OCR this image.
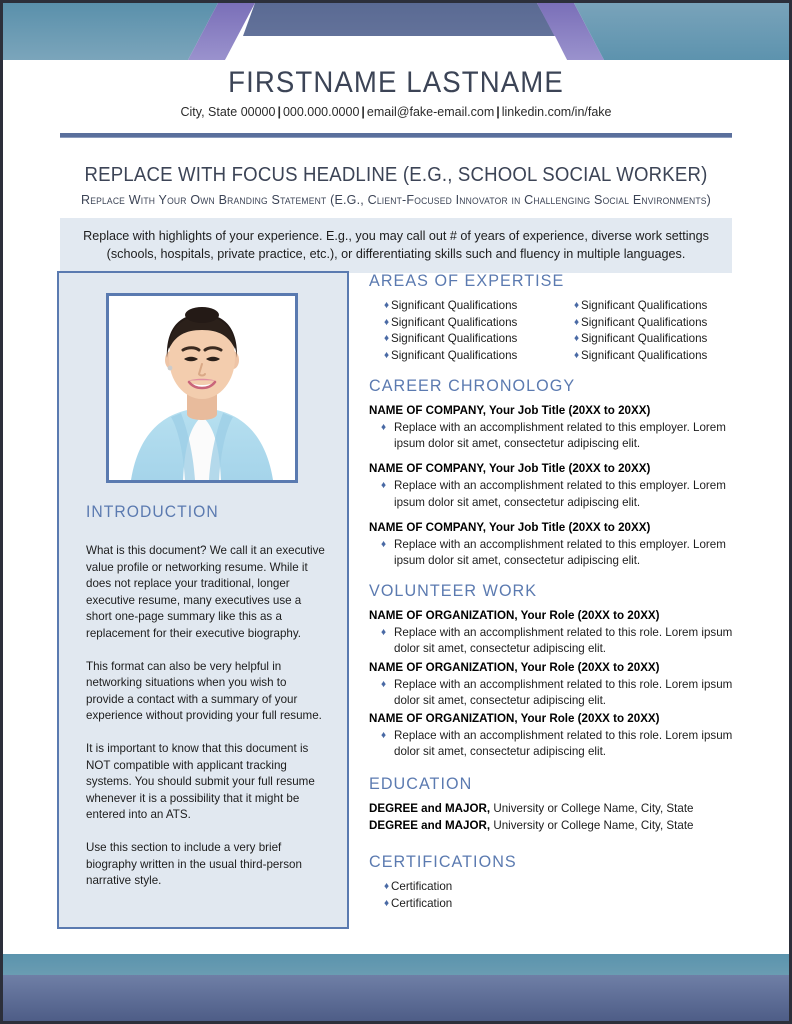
FIRSTNAME LASTNAME
City, State 00000 | 000.000.0000 | email@fake-email.com | linkedin.com/in/fake
REPLACE WITH FOCUS HEADLINE (E.G., SCHOOL SOCIAL WORKER)
Replace With Your Own Branding Statement (E.G., Client-Focused Innovator in Challenging Social Environments)
Replace with highlights of your experience. E.g., you may call out # of years of experience, diverse work settings (schools, hospitals, private practice, etc.), or differentiating skills such and fluency in multiple languages.
INTRODUCTION

What is this document? We call it an executive value profile or networking resume. While it does not replace your traditional, longer executive resume, many executives use a short one-page summary like this as a replacement for their executive biography.

This format can also be very helpful in networking situations when you wish to provide a contact with a summary of your experience without providing your full resume.

It is important to know that this document is NOT compatible with applicant tracking systems. You should submit your full resume whenever it is a possibility that it might be entered into an ATS.

Use this section to include a very brief biography written in the usual third-person narrative style.

AREAS OF EXPERTISE
♦ Significant Qualifications	♦ Significant Qualifications
♦ Significant Qualifications	♦ Significant Qualifications
♦ Significant Qualifications	♦ Significant Qualifications
♦ Significant Qualifications	♦ Significant Qualifications
CAREER CHRONOLOGY
NAME OF COMPANY, Your Job Title (20XX to 20XX)
♦ Replace with an accomplishment related to this employer. Lorem ipsum dolor sit amet, consectetur adipiscing elit.
NAME OF COMPANY, Your Job Title (20XX to 20XX)
♦ Replace with an accomplishment related to this employer. Lorem ipsum dolor sit amet, consectetur adipiscing elit.
NAME OF COMPANY, Your Job Title (20XX to 20XX)
♦ Replace with an accomplishment related to this employer. Lorem ipsum dolor sit amet, consectetur adipiscing elit.
VOLUNTEER WORK
NAME OF ORGANIZATION, Your Role (20XX to 20XX)
♦ Replace with an accomplishment related to this role. Lorem ipsum dolor sit amet, consectetur adipiscing elit.
NAME OF ORGANIZATION, Your Role (20XX to 20XX)
♦ Replace with an accomplishment related to this role. Lorem ipsum dolor sit amet, consectetur adipiscing elit.
NAME OF ORGANIZATION, Your Role (20XX to 20XX)
♦ Replace with an accomplishment related to this role. Lorem ipsum dolor sit amet, consectetur adipiscing elit.
EDUCATION
DEGREE and MAJOR, University or College Name, City, State
DEGREE and MAJOR, University or College Name, City, State
CERTIFICATIONS
♦ Certification
♦ Certification
